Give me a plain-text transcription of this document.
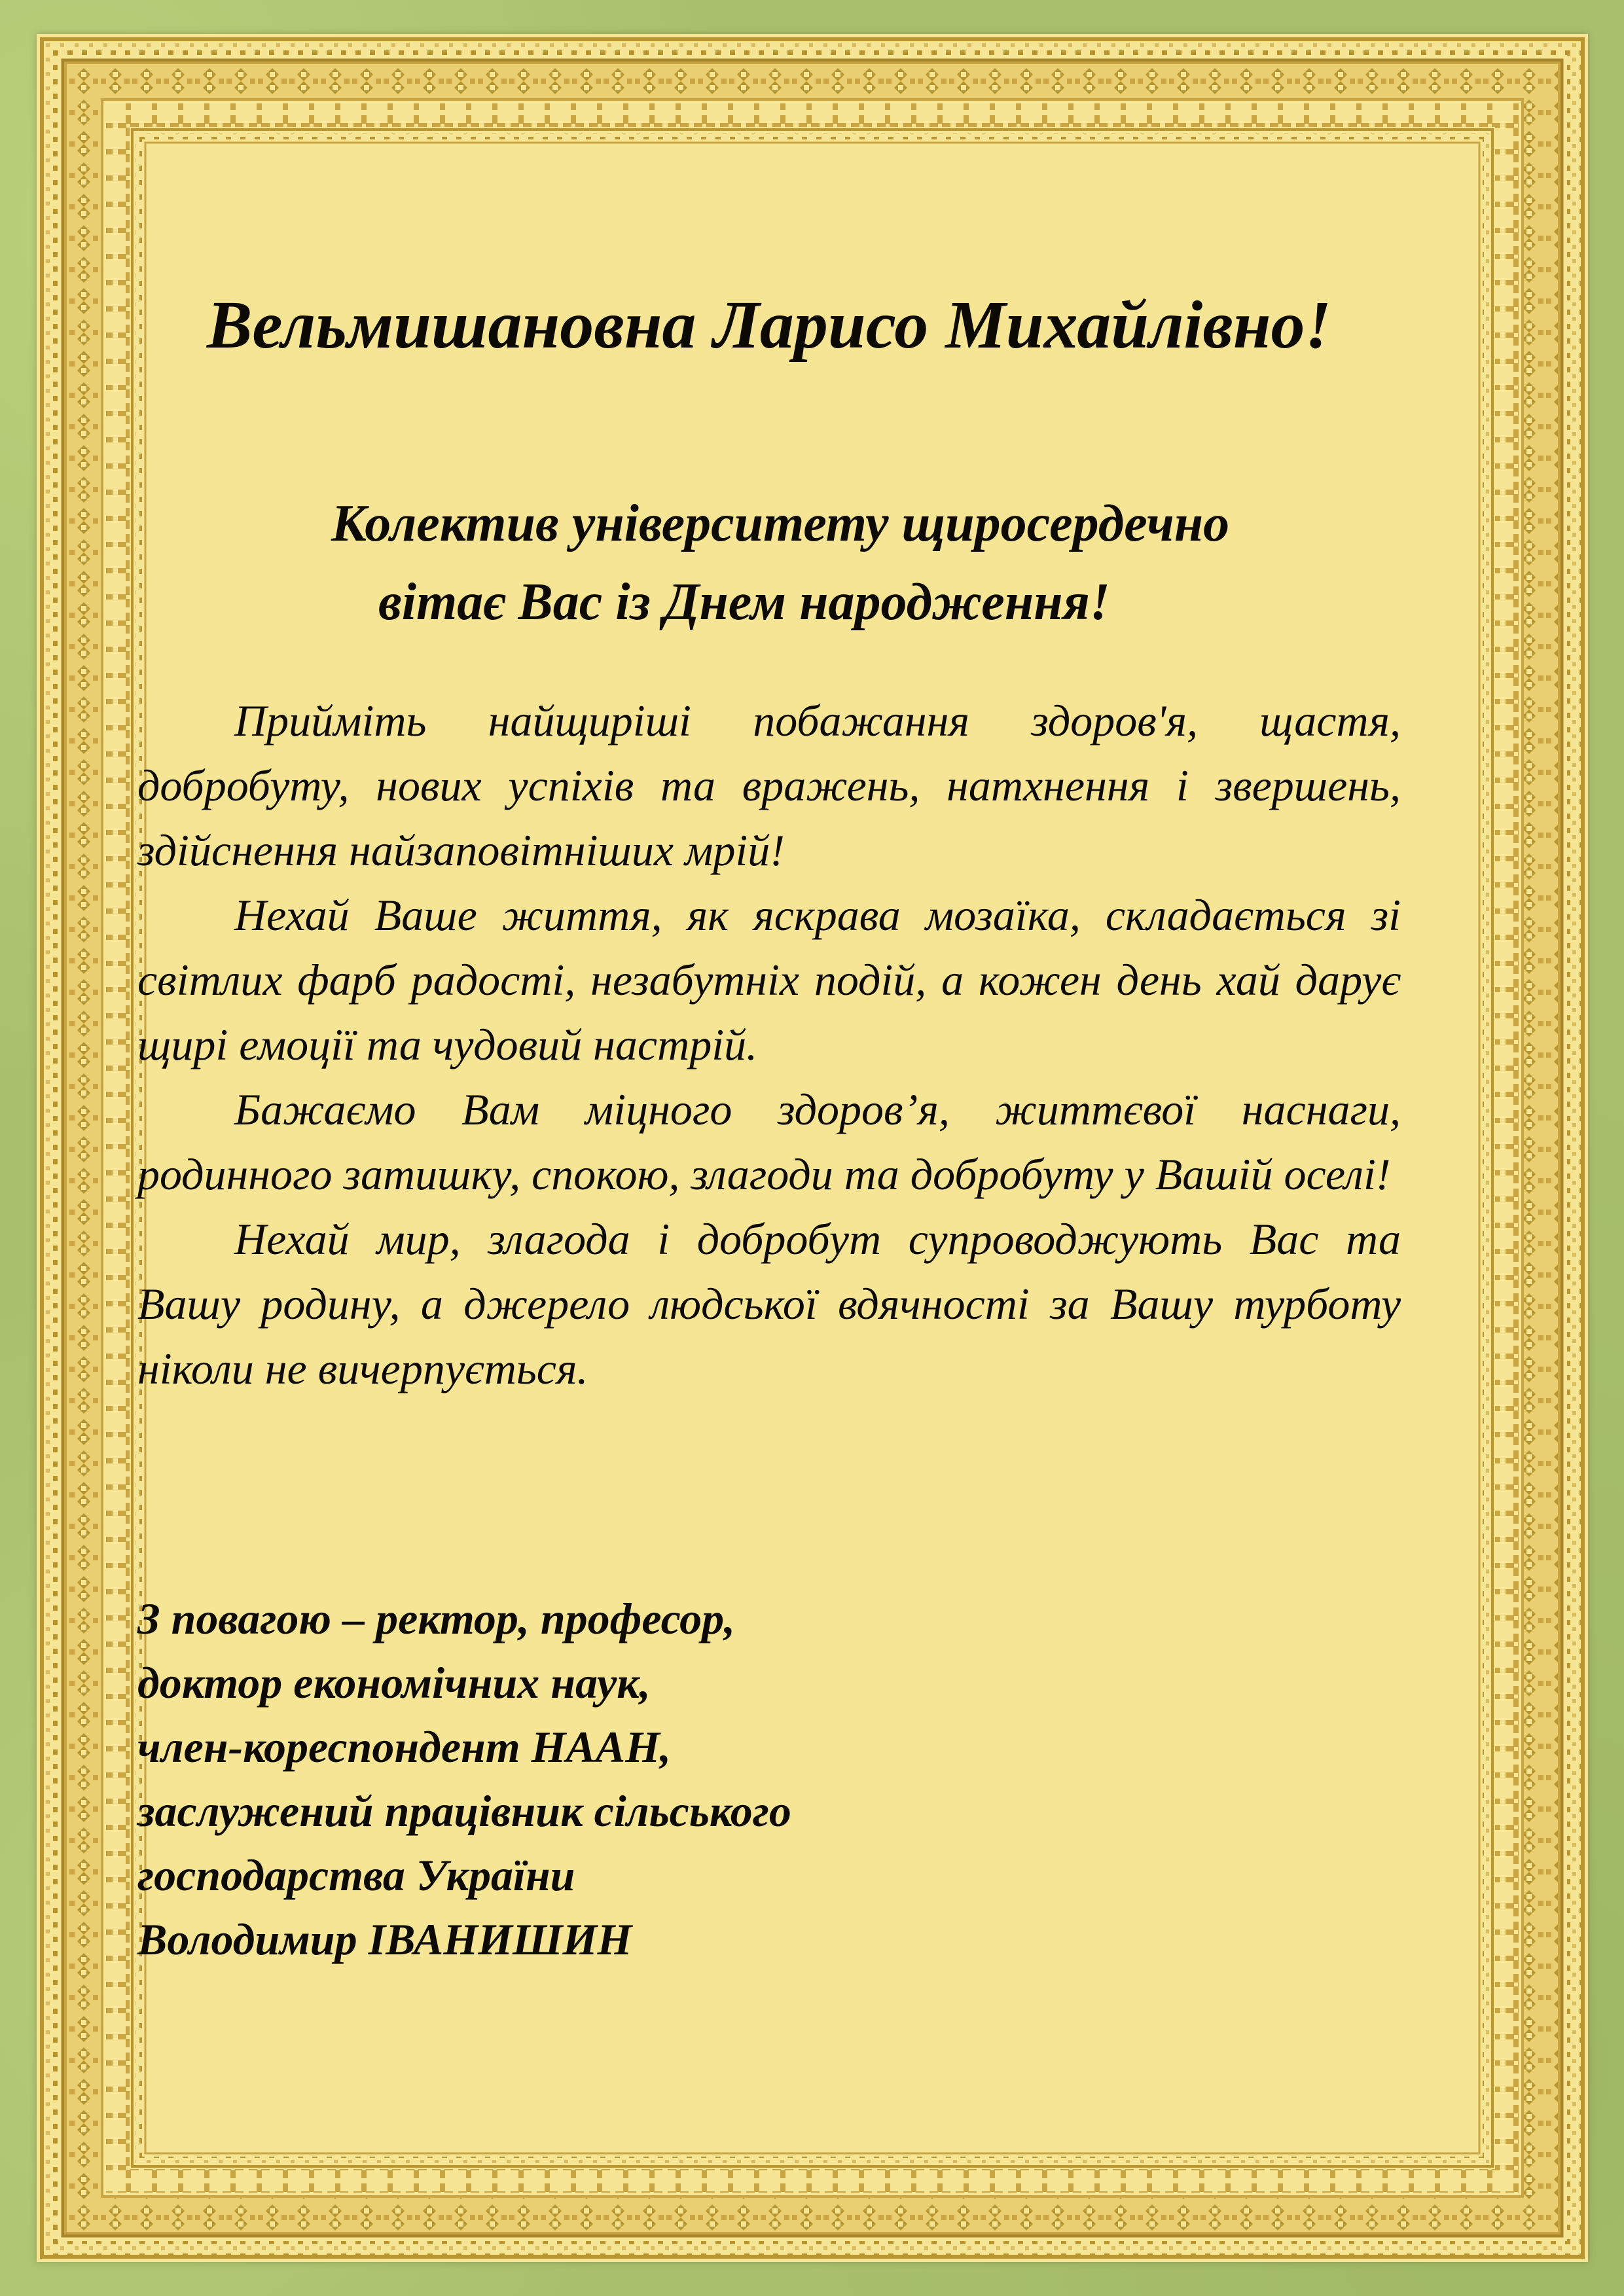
Вельмишановна Ларисо Михайлівно!
Колектив університету щиросердечно
вітає Вас із Днем народження!

Прийміть найщиріші побажання здоров'я, щастя, добробуту, нових успіхів та вражень, натхнення і звершень, здійснення найзаповітніших мрій!

Нехай Ваше життя, як яскрава мозаїка, складається зі світлих фарб радості, незабутніх подій, а кожен день хай дарує щирі емоції та чудовий настрій.

Бажаємо Вам міцного здоров’я, життєвої наснаги, родинного затишку, спокою, злагоди та добробуту у Вашій оселі!

Нехай мир, злагода і добробут супроводжують Вас та Вашу родину, а джерело людської вдячності за Вашу турботу ніколи не вичерпується.

З повагою – ректор, професор,
доктор економічних наук,
член-кореспондент НААН,
заслужений працівник сільського
господарства України
Володимир ІВАНИШИН
